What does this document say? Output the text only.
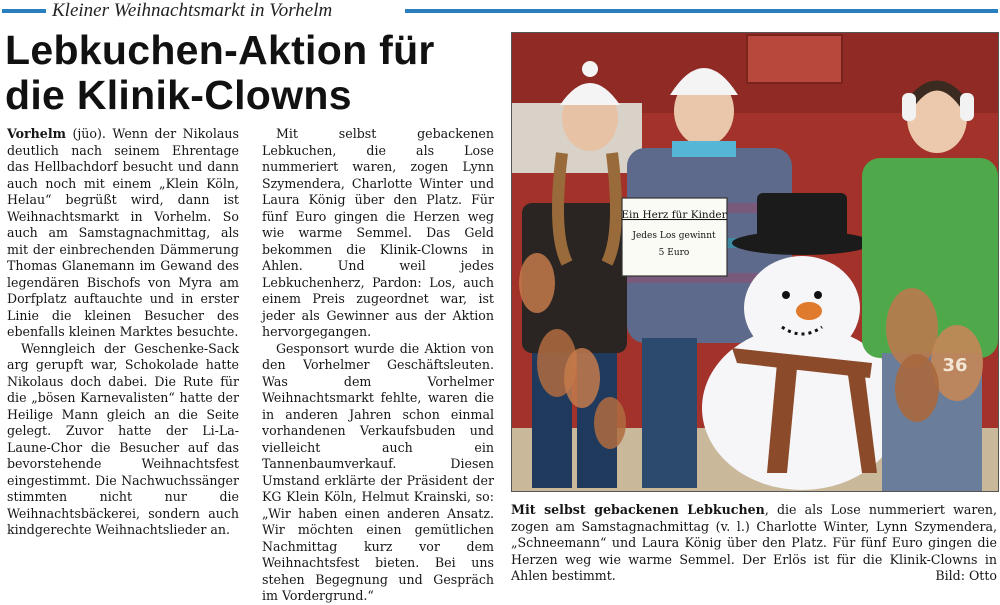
Kleiner Weihnachtsmarkt in Vorhelm
Lebkuchen-Aktion für die Klinik-Clowns

Vorhelm (jüo). Wenn der Nikolaus deutlich nach seinem Ehrentage das Hellbachdorf besucht und dann auch noch mit einem „Klein Köln, Helau“ begrüßt wird, dann ist Weihnachtsmarkt in Vorhelm. So auch am Samstagnachmittag, als mit der einbrechenden Dämmerung Thomas Glanemann im Gewand des legendären Bischofs von Myra am Dorfplatz auftauchte und in erster Linie die kleinen Besucher des ebenfalls kleinen Marktes besuchte.

Wenngleich der Geschenke-Sack arg gerupft war, Schokolade hatte Nikolaus doch dabei. Die Rute für die „bösen Karnevalisten“ hatte der Heilige Mann gleich an die Seite gelegt. Zuvor hatte der Li-La-Laune-Chor die Besucher auf das bevorstehende Weihnachtsfest eingestimmt. Die Nachwuchssänger stimmten nicht nur die Weihnachtsbäckerei, sondern auch kindgerechte Weihnachtslieder an.

Mit selbst gebackenen Lebkuchen, die als Lose nummeriert waren, zogen Lynn Szymendera, Charlotte Winter und Laura König über den Platz. Für fünf Euro gingen die Herzen weg wie warme Semmel. Das Geld bekommen die Klinik-Clowns in Ahlen. Und weil jedes Lebkuchenherz, Pardon: Los, auch einem Preis zugeordnet war, ist jeder als Gewinner aus der Aktion hervorgegangen.

Gesponsort wurde die Aktion von den Vorhelmer Geschäftsleuten. Was dem Vorhelmer Weihnachtsmarkt fehlte, waren die in anderen Jahren schon einmal vorhandenen Verkaufsbuden und vielleicht auch ein Tannenbaumverkauf. Diesen Umstand erklärte der Präsident der KG Klein Köln, Helmut Krainski, so: „Wir haben einen anderen Ansatz. Wir möchten einen gemütlichen Nachmittag kurz vor dem Weihnachtsfest bieten. Bei uns stehen Begegnung und Gespräch im Vordergrund.“

Ein Herz für Kinder
Jedes Los gewinnt
5 Euro
36
Mit selbst gebackenen Lebkuchen, die als Lose nummeriert waren, zogen am Samstagnachmittag (v. l.) Charlotte Winter, Lynn Szymendera, „Schneemann“ und Laura König über den Platz. Für fünf Euro gingen die Herzen weg wie warme Semmel. Der Erlös ist für die Klinik-Clowns in Ahlen bestimmt.	Bild: Otto
